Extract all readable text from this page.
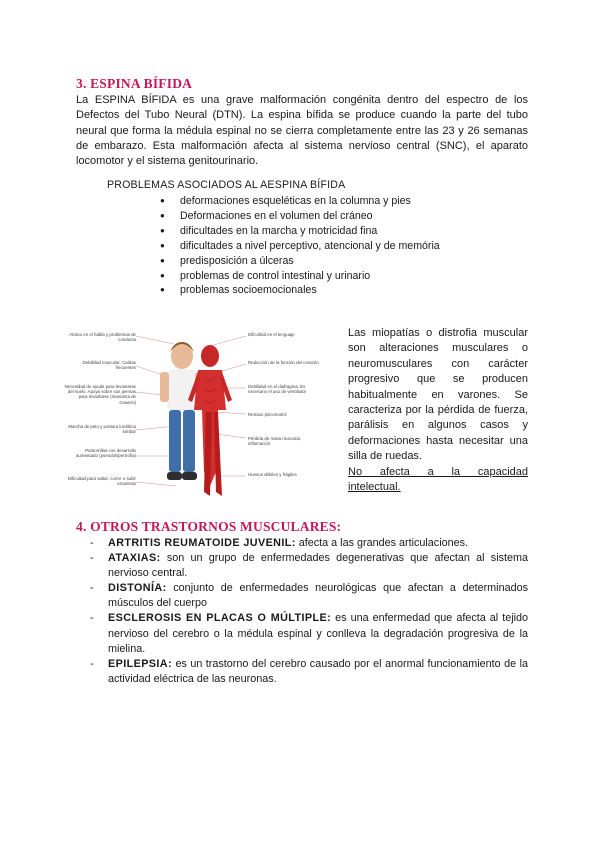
3. ESPINA BÍFIDA
La ESPINA BÍFIDA es una grave malformación congénita dentro del espectro de los Defectos del Tubo Neural (DTN). La espina bífida se produce cuando la parte del tubo neural que forma la médula espinal no se cierra completamente entre las 23 y 26 semanas de embarazo. Esta malformación afecta al sistema nervioso central (SNC), el aparato locomotor y el sistema genitourinario.
PROBLEMAS ASOCIADOS AL AESPINA BÍFIDA
● deformaciones esqueléticas en la columna y pies
● Deformaciones en el volumen del cráneo
● dificultades en la marcha y motricidad fina
● dificultades a nivel perceptivo, atencional y de memória
● predisposición a úlceras
● problemas de control intestinal y urinario
● problemas socioemocionales
Atraso en el habla y problemas de conducta
Debilidad muscular. Caídas frecuentes
Necesidad de ayuda para levantarse del suelo. Apoya sobre sus piernas para levantarse (maniobra de Gowers)
Marcha de pato y postura lordótica lumbar
Pantorrillas con desarrollo aumentado (pseudohipertrofia)
Dificultad para saltar, correr o subir escaleras
Dificultad en el lenguaje
Reducción de la función del corazón
Debilidad en el diafragma. Es necesario el uso de ventilador
Retraso psicomotriz
Pérdida de masa muscular, inflamación
Huesos débiles y frágiles
Las miopatías o distrofia muscular son alteraciones musculares o neuromusculares con carácter progresivo que se producen habitualmente en varones. Se caracteriza por la pérdida de fuerza, parálisis en algunos casos y deformaciones hasta necesitar una silla de ruedas.
No afecta a la capacidad
intelectual.
4. OTROS TRASTORNOS MUSCULARES:
- ARTRITIS REUMATOIDE JUVENIL: afecta a las grandes articulaciones.
- ATAXIAS: son un grupo de enfermedades degenerativas que afectan al sistema nervioso central.
- DISTONÍA: conjunto de enfermedades neurológicas que afectan a determinados músculos del cuerpo
- ESCLEROSIS EN PLACAS O MÚLTIPLE: es una enfermedad que afecta al tejido nervioso del cerebro o la médula espinal y conlleva la degradación progresiva de la mielina.
- EPILEPSIA: es un trastorno del cerebro causado por el anormal funcionamiento de la actividad eléctrica de las neuronas.
